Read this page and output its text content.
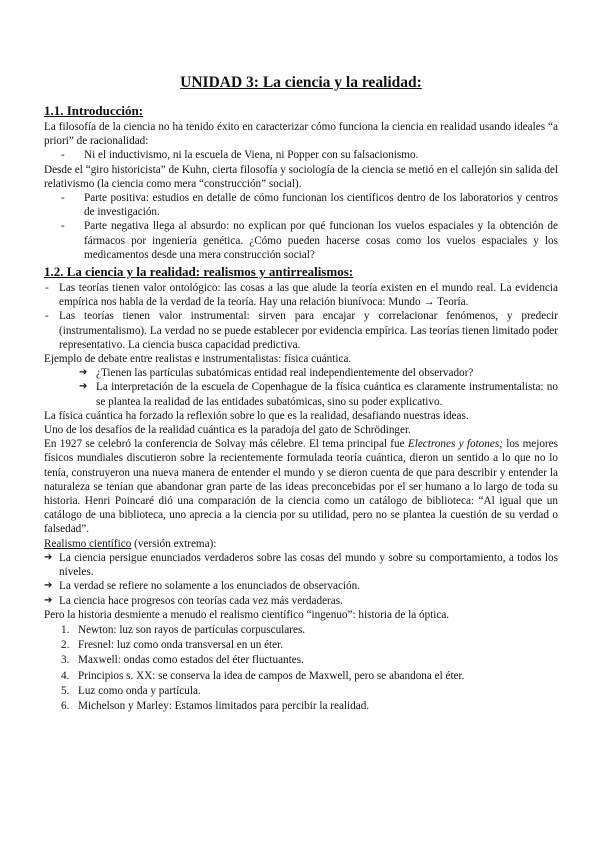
UNIDAD 3: La ciencia y la realidad:
1.1. Introducción:

La filosofía de la ciencia no ha tenido éxito en caracterizar cómo funciona la ciencia en realidad usando ideales “a priori” de racionalidad:

- Ni el inductivismo, ni la escuela de Viena, ni Popper con su falsacionismo.

Desde el “giro historicista” de Kuhn, cierta filosofía y sociología de la ciencia se metió en el callejón sin salida del relativismo (la ciencia como mera “construcción” social).

- Parte positiva: estudios en detalle de cómo funcionan los científicos dentro de los laboratorios y centros de investigación.
- Parte negativa llega al absurdo: no explican por qué funcionan los vuelos espaciales y la obtención de fármacos por ingeniería genética. ¿Cómo pueden hacerse cosas como los vuelos espaciales y los medicamentos desde una mera construcción social?
1.2. La ciencia y la realidad: realismos y antirrealismos:
- Las teorías tienen valor ontológico: las cosas a las que alude la teoría existen en el mundo real. La evidencia empírica nos habla de la verdad de la teoría. Hay una relación biunívoca: Mundo → Teoría.
- Las teorías tienen valor instrumental: sirven para encajar y correlacionar fenómenos, y predecir (instrumentalismo). La verdad no se puede establecer por evidencia empírica. Las teorías tienen limitado poder representativo. La ciencia busca capacidad predictiva.

Ejemplo de debate entre realistas e instrumentalistas: física cuántica.

➔ ¿Tienen las partículas subatómicas entidad real independientemente del observador?
➔ La interpretación de la escuela de Copenhague de la física cuántica es claramente instrumentalista: no se plantea la realidad de las entidades subatómicas, sino su poder explicativo.

La física cuántica ha forzado la reflexión sobre lo que es la realidad, desafiando nuestras ideas.

Uno de los desafíos de la realidad cuántica es la paradoja del gato de Schrödinger.

En 1927 se celebró la conferencia de Solvay más célebre. El tema principal fue Electrones y fotones; los mejores físicos mundiales discutieron sobre la recientemente formulada teoría cuántica, dieron un sentido a lo que no lo tenía, construyeron una nueva manera de entender el mundo y se dieron cuenta de que para describir y entender la naturaleza se tenían que abandonar gran parte de las ideas preconcebidas por el ser humano a lo largo de toda su historia. Henri Poincaré dió una comparación de la ciencia como un catálogo de biblioteca: “Al igual que un catálogo de una biblioteca, uno aprecia a la ciencia por su utilidad, pero no se plantea la cuestión de su verdad o falsedad”.

Realismo científico (versión extrema):

➔ La ciencia persigue enunciados verdaderos sobre las cosas del mundo y sobre su comportamiento, a todos los niveles.
➔ La verdad se refiere no solamente a los enunciados de observación.
➔ La ciencia hace progresos con teorías cada vez más verdaderas.

Pero la historia desmiente a menudo el realismo científico “ingenuo”: historia de la óptica.

1. Newton: luz son rayos de partículas corpusculares.
2. Fresnel: luz como onda transversal en un éter.
3. Maxwell: ondas como estados del éter fluctuantes.
4. Principios s. XX: se conserva la idea de campos de Maxwell, pero se abandona el éter.
5. Luz como onda y partícula.
6. Michelson y Marley: Estamos limitados para percibir la realidad.
